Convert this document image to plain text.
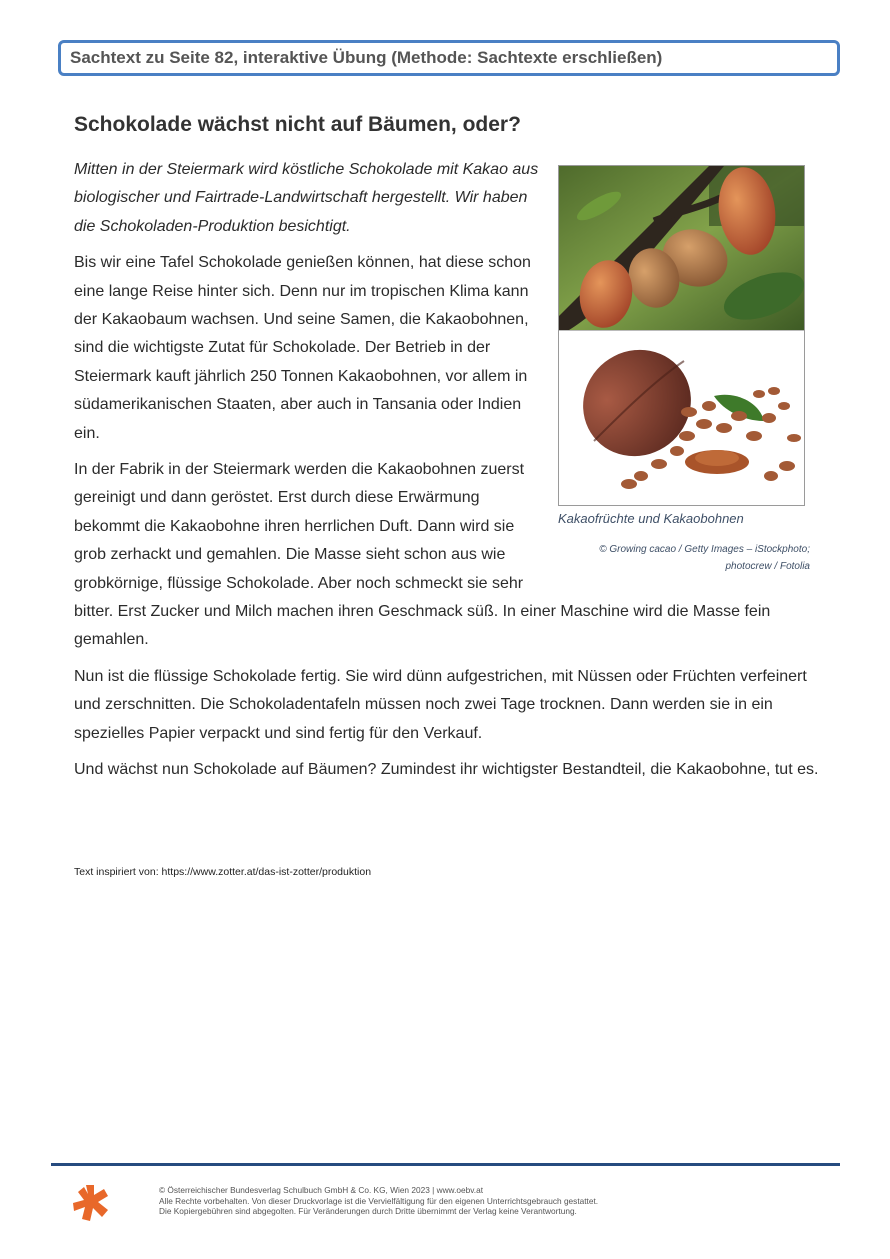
Sachtext zu Seite 82, interaktive Übung (Methode: Sachtexte erschließen)
Schokolade wächst nicht auf Bäumen, oder?
Kakaofrüchte und Kakaobohnen
© Growing cacao / Getty Images – iStockphoto;
photocrew / Fotolia

Mitten in der Steiermark wird köstliche Schokolade mit Kakao aus biologischer und Fairtrade-Landwirtschaft hergestellt. Wir haben die Schokoladen-Produktion besichtigt.

Bis wir eine Tafel Schokolade genießen können, hat diese schon eine lange Reise hinter sich. Denn nur im tropischen Klima kann der Kakaobaum wachsen. Und seine Samen, die Kakaobohnen, sind die wichtigste Zutat für Schokolade. Der Betrieb in der Steiermark kauft jährlich 250 Tonnen Kakaobohnen, vor allem in südamerikanischen Staaten, aber auch in Tansania oder Indien ein.

In der Fabrik in der Steiermark werden die Kakaobohnen zuerst gereinigt und dann geröstet. Erst durch diese Erwärmung bekommt die Kakaobohne ihren herrlichen Duft. Dann wird sie grob zerhackt und gemahlen. Die Masse sieht schon aus wie grobkörnige, flüssige Schokolade. Aber noch schmeckt sie sehr

bitter. Erst Zucker und Milch machen ihren Geschmack süß. In einer Maschine wird die Masse fein gemahlen.

Nun ist die flüssige Schokolade fertig. Sie wird dünn aufgestrichen, mit Nüssen oder Früchten verfeinert und zerschnitten. Die Schokoladentafeln müssen noch zwei Tage trocknen. Dann werden sie in ein spezielles Papier verpackt und sind fertig für den Verkauf.

Und wächst nun Schokolade auf Bäumen? Zumindest ihr wichtigster Bestandteil, die Kakaobohne, tut es.

Text inspiriert von: https://www.zotter.at/das-ist-zotter/produktion
© Österreichischer Bundesverlag Schulbuch GmbH & Co. KG, Wien 2023 | www.oebv.at
Alle Rechte vorbehalten. Von dieser Druckvorlage ist die Vervielfältigung für den eigenen Unterrichtsgebrauch gestattet.
Die Kopiergebühren sind abgegolten. Für Veränderungen durch Dritte übernimmt der Verlag keine Verantwortung.
